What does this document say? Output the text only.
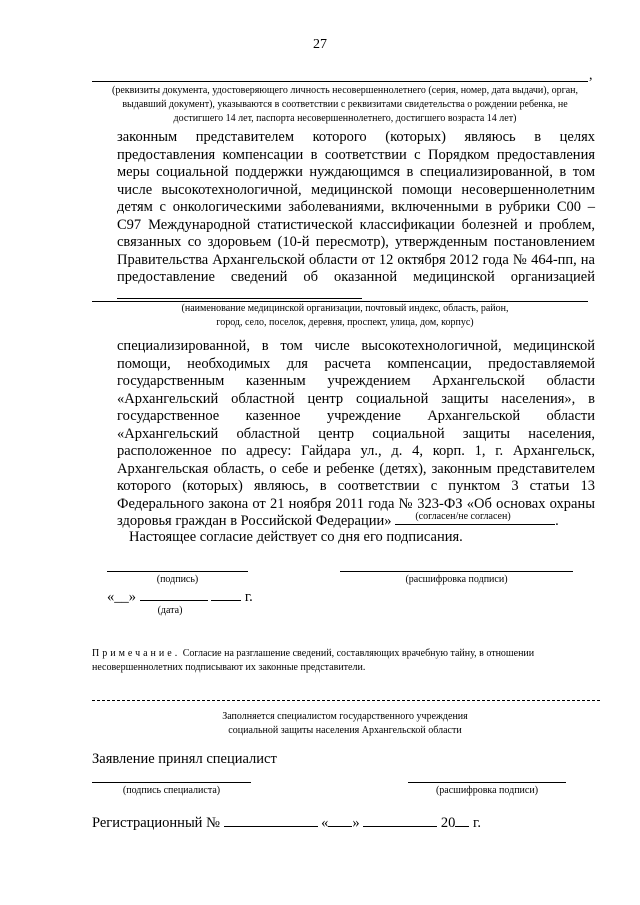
27
,
(реквизиты документа, удостоверяющего личность несовершеннолетнего (серия, номер, дата выдачи), орган, выдавший документ), указываются в соответствии с реквизитами свидетельства о рождении ребенка, не достигшего 14 лет, паспорта несовершеннолетнего, достигшего возраста 14 лет)
законным представителем которого (которых) являюсь в целях предоставления компенсации в соответствии с Порядком предоставления меры социальной поддержки нуждающимся в специализированной, в том числе высокотехнологичной, медицинской помощи несовершеннолетним детям с онкологическими заболеваниями, включенными в рубрики С00 – С97 Международной статистической классификации болезней и проблем, связанных со здоровьем (10-й пересмотр), утвержденным постановлением Правительства Архангельской области от 12 октября 2012 года № 464-пп, на предоставление сведений об оказанной медицинской организацией
(наименование медицинской организации, почтовый индекс, область, район, город, село, поселок, деревня, проспект, улица, дом, корпус)
специализированной, в том числе высокотехнологичной, медицинской помощи, необходимых для расчета компенсации, предоставляемой государственным казенным учреждением Архангельской области «Архангельский областной центр социальной защиты населения», в государственное казенное учреждение Архангельской области «Архангельский областной центр социальной защиты населения, расположенное по адресу: Гайдара ул., д. 4, корп. 1, г. Архангельск, Архангельская область, о себе и ребенке (детях), законным представителем которого (которых) являюсь, в соответствии с пунктом 3 статьи 13 Федерального закона от 21 ноября 2011 года № 323-ФЗ «Об основах охраны здоровья граждан в Российской Федерации»	.
(согласен/не согласен)
Настоящее согласие действует со дня его подписания.
(подпись)	(расшифровка подписи)
«__»	г.
(дата)
Примечание. Согласие на разглашение сведений, составляющих врачебную тайну, в отношении несовершеннолетних подписывают их законные представители.
Заполняется специалистом государственного учреждения социальной защиты населения Архангельской области
Заявление принял специалист
(подпись специалиста)	(расшифровка подписи)
Регистрационный №	« »	20 г.
